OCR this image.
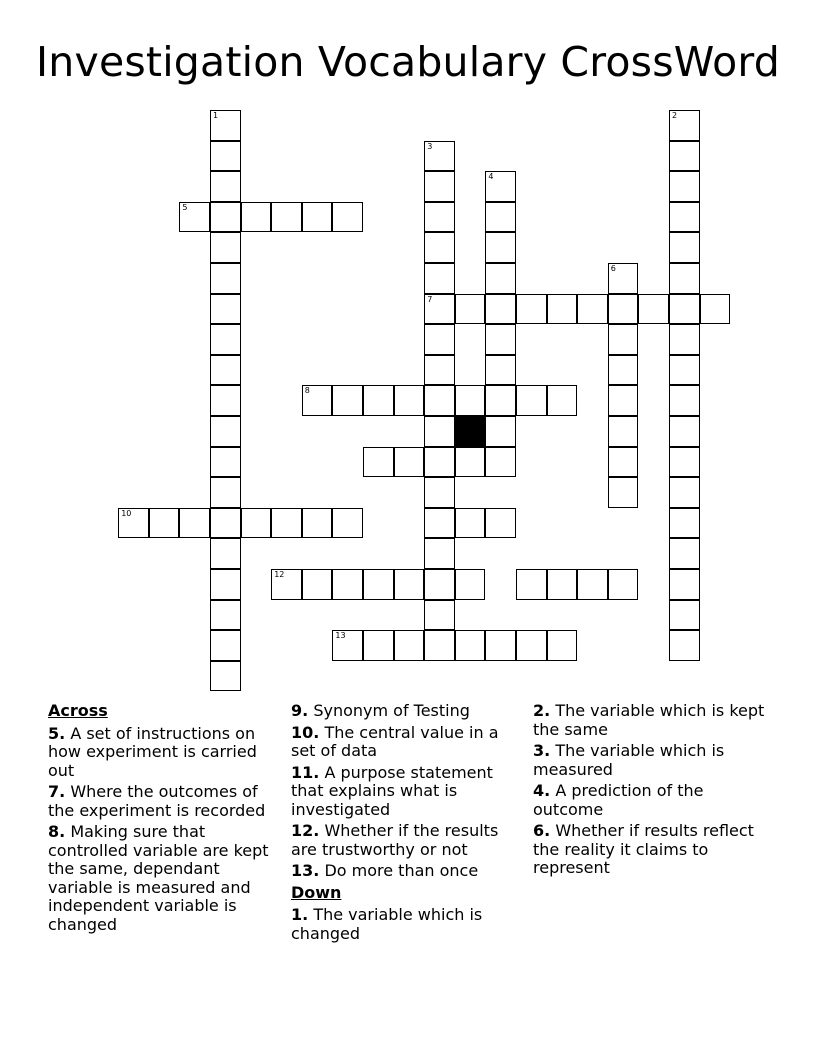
Investigation Vocabulary CrossWord
1
5
3
7
4
2
6
8
10
12
13
Across
5. A set of instructions on how experiment is carried out
7. Where the outcomes of the experiment is recorded
8. Making sure that controlled variable are kept the same, dependant variable is measured and independent variable is changed
9. Synonym of Testing
10. The central value in a set of data
11. A purpose statement that explains what is investigated
12. Whether if the results are trustworthy or not
13. Do more than once
Down
1. The variable which is changed
2. The variable which is kept the same
3. The variable which is measured
4. A prediction of the outcome
6. Whether if results reflect the reality it claims to represent
